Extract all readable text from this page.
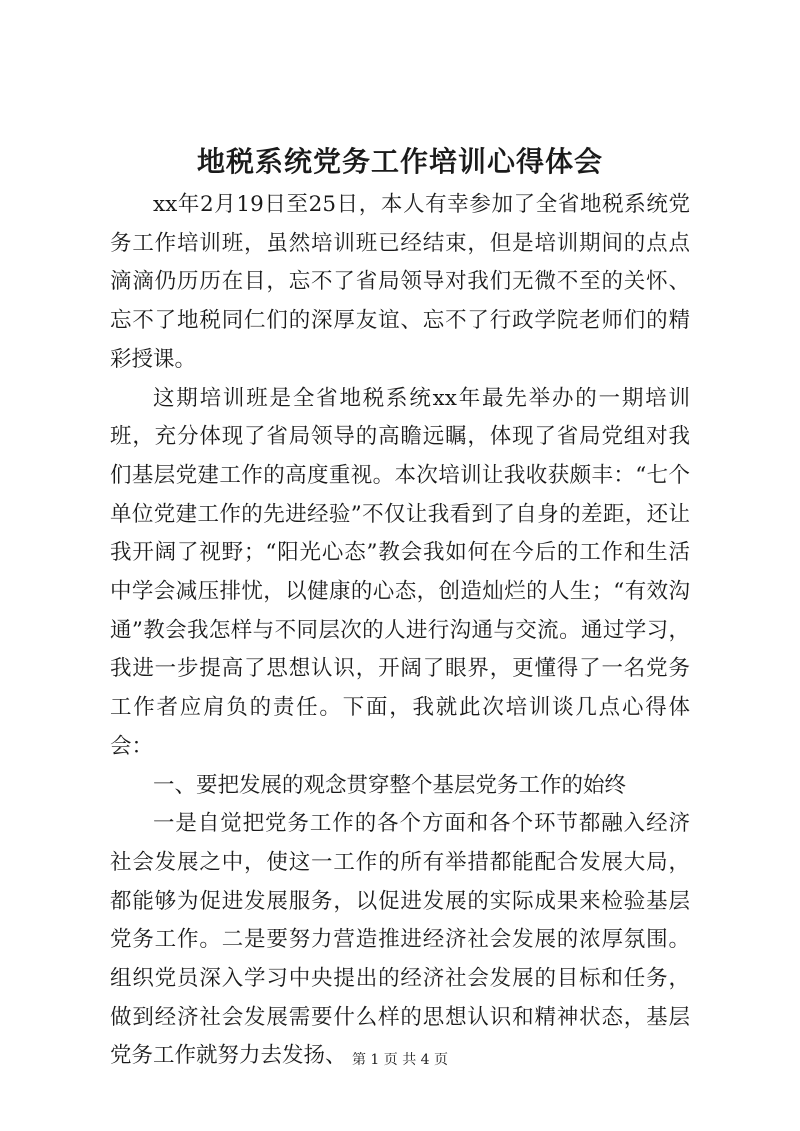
地税系统党务工作培训心得体会

xx年2月19日至25日，本人有幸参加了全省地税系统党务工作培训班，虽然培训班已经结束，但是培训期间的点点滴滴仍历历在目，忘不了省局领导对我们无微不至的关怀、忘不了地税同仁们的深厚友谊、忘不了行政学院老师们的精彩授课。

这期培训班是全省地税系统xx年最先举办的一期培训班，充分体现了省局领导的高瞻远瞩，体现了省局党组对我们基层党建工作的高度重视。本次培训让我收获颇丰：“七个单位党建工作的先进经验”不仅让我看到了自身的差距，还让我开阔了视野；“阳光心态”教会我如何在今后的工作和生活中学会减压排忧，以健康的心态，创造灿烂的人生；“有效沟通”教会我怎样与不同层次的人进行沟通与交流。通过学习，我进一步提高了思想认识，开阔了眼界，更懂得了一名党务工作者应肩负的责任。下面，我就此次培训谈几点心得体会：

一、要把发展的观念贯穿整个基层党务工作的始终

一是自觉把党务工作的各个方面和各个环节都融入经济社会发展之中，使这一工作的所有举措都能配合发展大局，都能够为促进发展服务，以促进发展的实际成果来检验基层党务工作。二是要努力营造推进经济社会发展的浓厚氛围。组织党员深入学习中央提出的经济社会发展的目标和任务，做到经济社会发展需要什么样的思想认识和精神状态，基层党务工作就努力去发扬、 第 1 页 共 4 页
